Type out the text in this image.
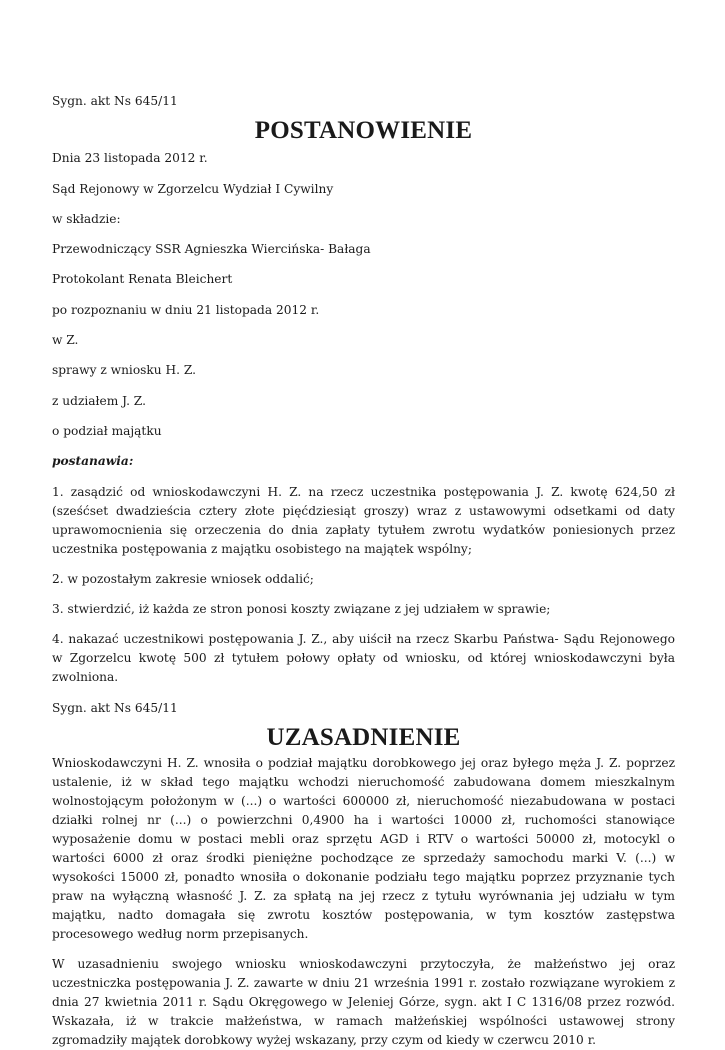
Sygn. akt Ns 645/11

POSTANOWIENIE

Dnia 23 listopada 2012 r.

Sąd Rejonowy w Zgorzelcu Wydział I Cywilny

w składzie:

Przewodniczący SSR Agnieszka Wiercińska- Bałaga

Protokolant Renata Bleichert

po rozpoznaniu w dniu 21 listopada 2012 r.

w Z.

sprawy z wniosku H. Z.

z udziałem J. Z.

o podział majątku

postanawia:

1. zasądzić od wnioskodawczyni H. Z. na rzecz uczestnika postępowania J. Z. kwotę 624,50 zł (sześćset dwadzieścia cztery złote pięćdziesiąt groszy) wraz z ustawowymi odsetkami od daty uprawomocnienia się orzeczenia do dnia zapłaty tytułem zwrotu wydatków poniesionych przez uczestnika postępowania z majątku osobistego na majątek wspólny;

2. w pozostałym zakresie wniosek oddalić;

3. stwierdzić, iż każda ze stron ponosi koszty związane z jej udziałem w sprawie;

4. nakazać uczestnikowi postępowania J. Z., aby uiścił na rzecz Skarbu Państwa- Sądu Rejonowego w Zgorzelcu kwotę 500 zł tytułem połowy opłaty od wniosku, od której wnioskodawczyni była zwolniona.

Sygn. akt Ns 645/11

UZASADNIENIE

Wnioskodawczyni H. Z. wnosiła o podział majątku dorobkowego jej oraz byłego męża J. Z. poprzez ustalenie, iż w skład tego majątku wchodzi nieruchomość zabudowana domem mieszkalnym wolnostojącym położonym w (...) o wartości 600000 zł, nieruchomość niezabudowana w postaci działki rolnej nr (...) o powierzchni 0,4900 ha i wartości 10000 zł, ruchomości stanowiące wyposażenie domu w postaci mebli oraz sprzętu AGD i RTV o wartości 50000 zł, motocykl o wartości 6000 zł oraz środki pieniężne pochodzące ze sprzedaży samochodu marki V. (...) w wysokości 15000 zł, ponadto wnosiła o dokonanie podziału tego majątku poprzez przyznanie tych praw na wyłączną własność J. Z. za spłatą na jej rzecz z tytułu wyrównania jej udziału w tym majątku, nadto domagała się zwrotu kosztów postępowania, w tym kosztów zastępstwa procesowego według norm przepisanych.

W uzasadnieniu swojego wniosku wnioskodawczyni przytoczyła, że małżeństwo jej oraz uczestniczka postępowania J. Z. zawarte w dniu 21 września 1991 r. zostało rozwiązane wyrokiem z dnia 27 kwietnia 2011 r. Sądu Okręgowego w Jeleniej Górze, sygn. akt I C 1316/08 przez rozwód. Wskazała, iż w trakcie małżeństwa, w ramach małżeńskiej wspólności ustawowej strony zgromadziły majątek dorobkowy wyżej wskazany, przy czym od kiedy w czerwcu 2010 r.
